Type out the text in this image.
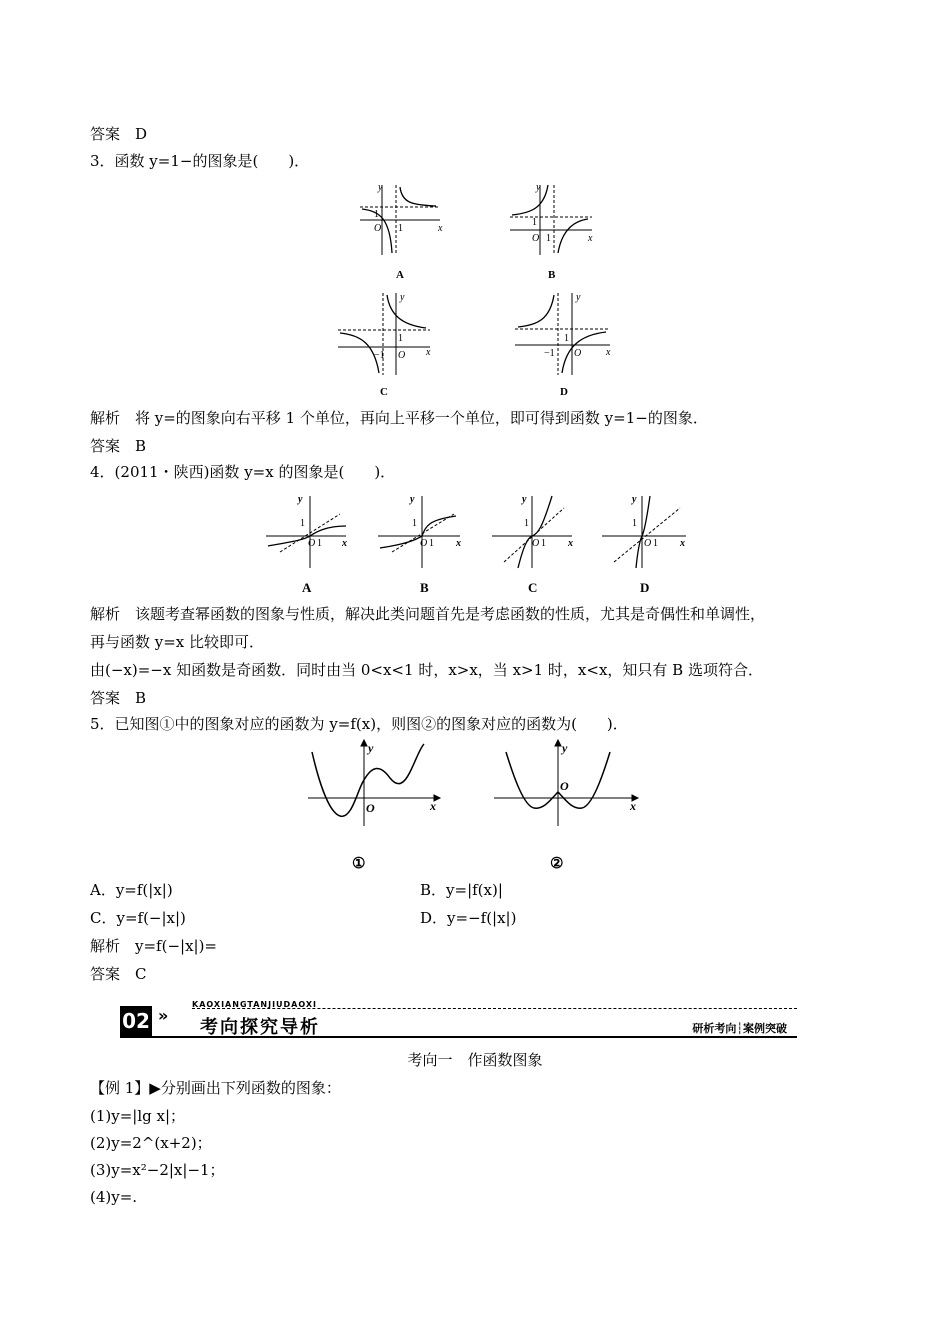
答案　D
3．函数 y=1−的图象是(　　)．
y
x
1
O 1
A
y
x
1
O 1
B
y
x
1
−1 O
C
y
x
1
−1 O
D
解析　将 y=的图象向右平移 1 个单位，再向上平移一个单位，即可得到函数 y=1−的图象．
答案　B
4．(2011・陕西)函数 y=x 的图象是(　　)．
y
x
1
O 1
A
y
x
1
O 1
B
y
x
1
O 1
C
y
x
1
O 1
D
解析　该题考查幂函数的图象与性质，解决此类问题首先是考虑函数的性质，尤其是奇偶性和单调性，
再与函数 y=x 比较即可．
由(−x)=−x 知函数是奇函数．同时由当 0<x<1 时，x>x，当 x>1 时，x<x，知只有 B 选项符合．
答案　B
5．已知图①中的图象对应的函数为 y=f(x)，则图②的图象对应的函数为(　　)．
y
x
O
①
y
x
O
②
A．y=f(|x|)	B．y=|f(x)|
C．y=f(−|x|)	D．y=−f(|x|)
解析　y=f(−|x|)=
答案　C
02 »
KAOXIANGTANJIUDAOXI
考向探究导析	研析考向┆案例突破
考向一　作函数图象
【例 1】▶分别画出下列函数的图象：
(1)y=|lg x|；
(2)y=2^(x+2)；
(3)y=x²−2|x|−1；
(4)y=.
